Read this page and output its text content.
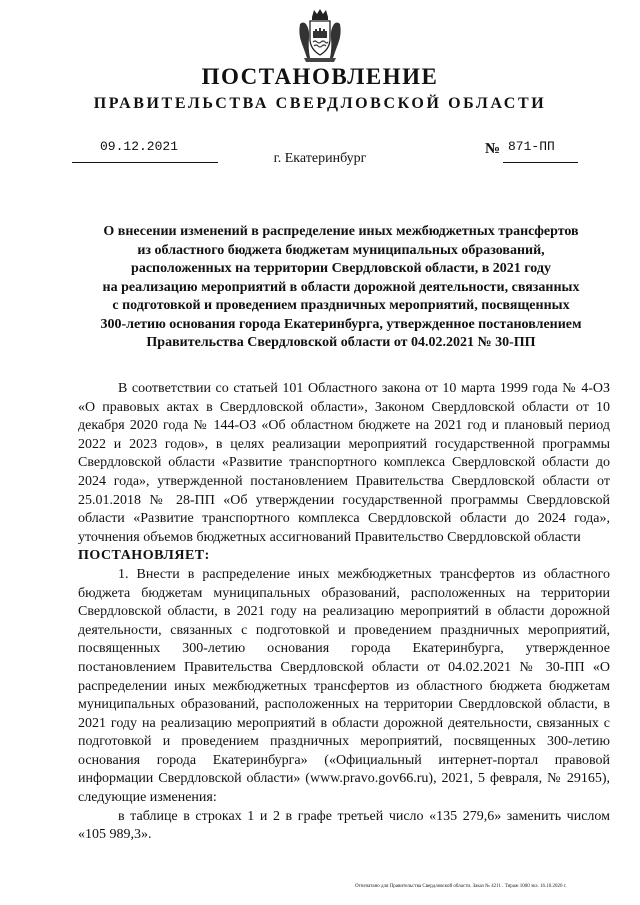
ПОСТАНОВЛЕНИЕ
ПРАВИТЕЛЬСТВА СВЕРДЛОВСКОЙ ОБЛАСТИ
09.12.2021	№ 871-ПП
г. Екатеринбург
О внесении изменений в распределение иных межбюджетных трансфертов
из областного бюджета бюджетам муниципальных образований,
расположенных на территории Свердловской области, в 2021 году
на реализацию мероприятий в области дорожной деятельности, связанных
с подготовкой и проведением праздничных мероприятий, посвященных
300-летию основания города Екатеринбурга, утвержденное постановлением
Правительства Свердловской области от 04.02.2021 № 30-ПП

В соответствии со статьей 101 Областного закона от 10 марта 1999 года № 4-ОЗ «О правовых актах в Свердловской области», Законом Свердловской области от 10 декабря 2020 года № 144-ОЗ «Об областном бюджете на 2021 год и плановый период 2022 и 2023 годов», в целях реализации мероприятий государственной программы Свердловской области «Развитие транспортного комплекса Свердловской области до 2024 года», утвержденной постановлением Правительства Свердловской области от 25.01.2018 № 28-ПП «Об утверждении государственной программы Свердловской области «Развитие транспортного комплекса Свердловской области до 2024 года», уточнения объемов бюджетных ассигнований Правительство Свердловской области

ПОСТАНОВЛЯЕТ:

1. Внести в распределение иных межбюджетных трансфертов из областного бюджета бюджетам муниципальных образований, расположенных на территории Свердловской области, в 2021 году на реализацию мероприятий в области дорожной деятельности, связанных с подготовкой и проведением праздничных мероприятий, посвященных 300-летию основания города Екатеринбурга, утвержденное постановлением Правительства Свердловской области от 04.02.2021 № 30-ПП «О распределении иных межбюджетных трансфертов из областного бюджета бюджетам муниципальных образований, расположенных на территории Свердловской области, в 2021 году на реализацию мероприятий в области дорожной деятельности, связанных с подготовкой и проведением праздничных мероприятий, посвященных 300-летию основания города Екатеринбурга» («Официальный интернет-портал правовой информации Свердловской области» (www.pravo.gov66.ru), 2021, 5 февраля, № 29165), следующие изменения:

в таблице в строках 1 и 2 в графе третьей число «135 279,6» заменить числом «105 989,3».

Отпечатано для Правительства Свердловской области. Заказ № 4211 . Тираж 1000 экз. 16.10.2020 г.
